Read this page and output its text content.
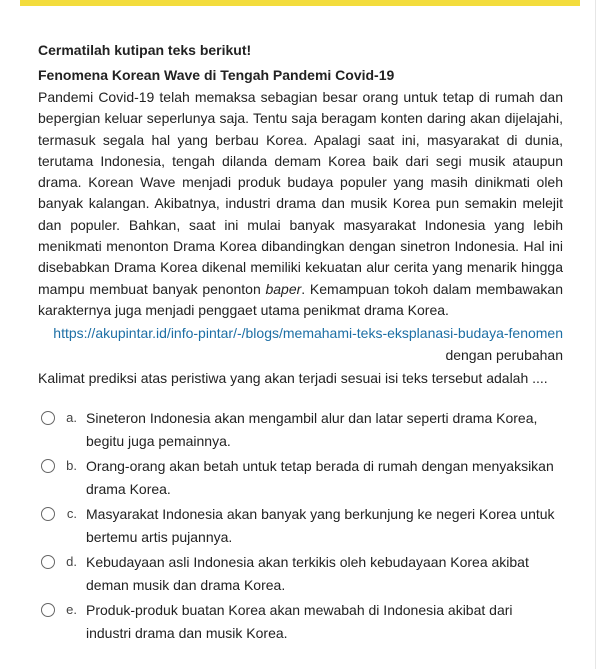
Cermatilah kutipan teks berikut!

Fenomena Korean Wave di Tengah Pandemi Covid-19

Pandemi Covid-19 telah memaksa sebagian besar orang untuk tetap di rumah dan bepergian keluar seperlunya saja. Tentu saja beragam konten daring akan dijelajahi, termasuk segala hal yang berbau Korea. Apalagi saat ini, masyarakat di dunia, terutama Indonesia, tengah dilanda demam Korea baik dari segi musik ataupun drama. Korean Wave menjadi produk budaya populer yang masih dinikmati oleh banyak kalangan. Akibatnya, industri drama dan musik Korea pun semakin melejit dan populer. Bahkan, saat ini mulai banyak masyarakat Indonesia yang lebih menikmati menonton Drama Korea dibandingkan dengan sinetron Indonesia. Hal ini disebabkan Drama Korea dikenal memiliki kekuatan alur cerita yang menarik hingga mampu membuat banyak penonton baper. Kemampuan tokoh dalam membawakan karakternya juga menjadi penggaet utama penikmat drama Korea.

https://akupintar.id/info-pintar/-/blogs/memahami-teks-eksplanasi-budaya-fenomen dengan perubahan

Kalimat prediksi atas peristiwa yang akan terjadi sesuai isi teks tersebut adalah ....

a. Sineteron Indonesia akan mengambil alur dan latar seperti drama Korea, begitu juga pemainnya.
b. Orang-orang akan betah untuk tetap berada di rumah dengan menyaksikan drama Korea.
c. Masyarakat Indonesia akan banyak yang berkunjung ke negeri Korea untuk bertemu artis pujannya.
d. Kebudayaan asli Indonesia akan terkikis oleh kebudayaan Korea akibat deman musik dan drama Korea.
e. Produk-produk buatan Korea akan mewabah di Indonesia akibat dari industri drama dan musik Korea.
